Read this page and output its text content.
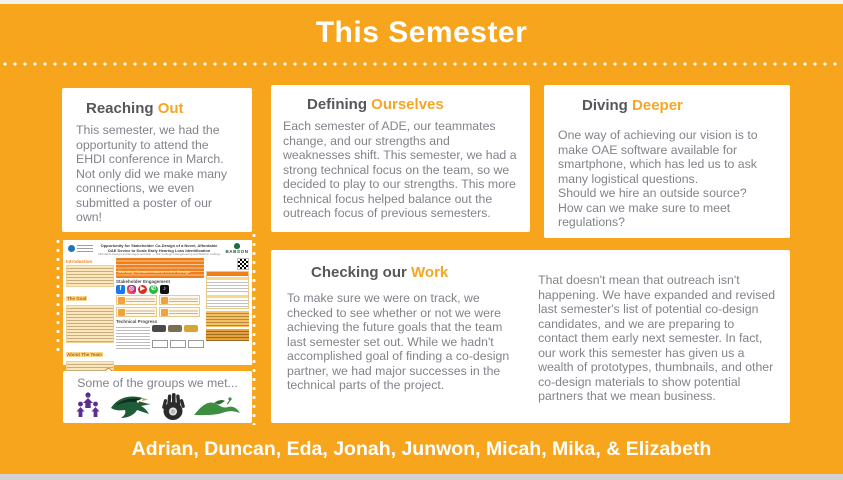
This Semester
Reaching Out

This semester, we had the opportunity to attend the EHDI conference in March. Not only did we make many connections, we even submitted a poster of our own!

Defining Ourselves

Each semester of ADE, our teammates change, and our strengths and weaknesses shift. This semester, we had a strong technical focus on the team, so we decided to play to our strengths. This more technical focus helped balance out the outreach focus of previous semesters.

Diving Deeper

One way of achieving our vision is to make OAE software available for smartphone, which has led us to ask many logistical questions.

Should we hire an outside source?

How can we make sure to meet regulations?

Checking our Work

To make sure we were on track, we checked to see whether or not we were achieving the future goals that the team last semester set out. While we hadn't accomplished goal of finding a co-design partner, we had major successes in the technical parts of the project.

That doesn't mean that outreach isn't happening. We have expanded and revised last semester's list of potential co-design candidates, and we are preparing to contact them early next semester. In fact, our work this semester has given us a wealth of prototypes, thumbnails, and other co-design materials to show potential partners that we mean business.

Opportunity for Stakeholder Co-Design of a Novel, Affordable OAE Device to Scale Early Hearing Loss Identification
Affordable Design and Entrepreneurship — Olin College of Engineering and Babson College
BABSON
Introduction
The Goal
About The Team
Working Considerations in the Design
Stakeholder Engagement
f	◎	▶	✆	♪
Technical Progress

Some of the groups we met...

Adrian, Duncan, Eda, Jonah, Junwon, Micah, Mika, & Elizabeth
